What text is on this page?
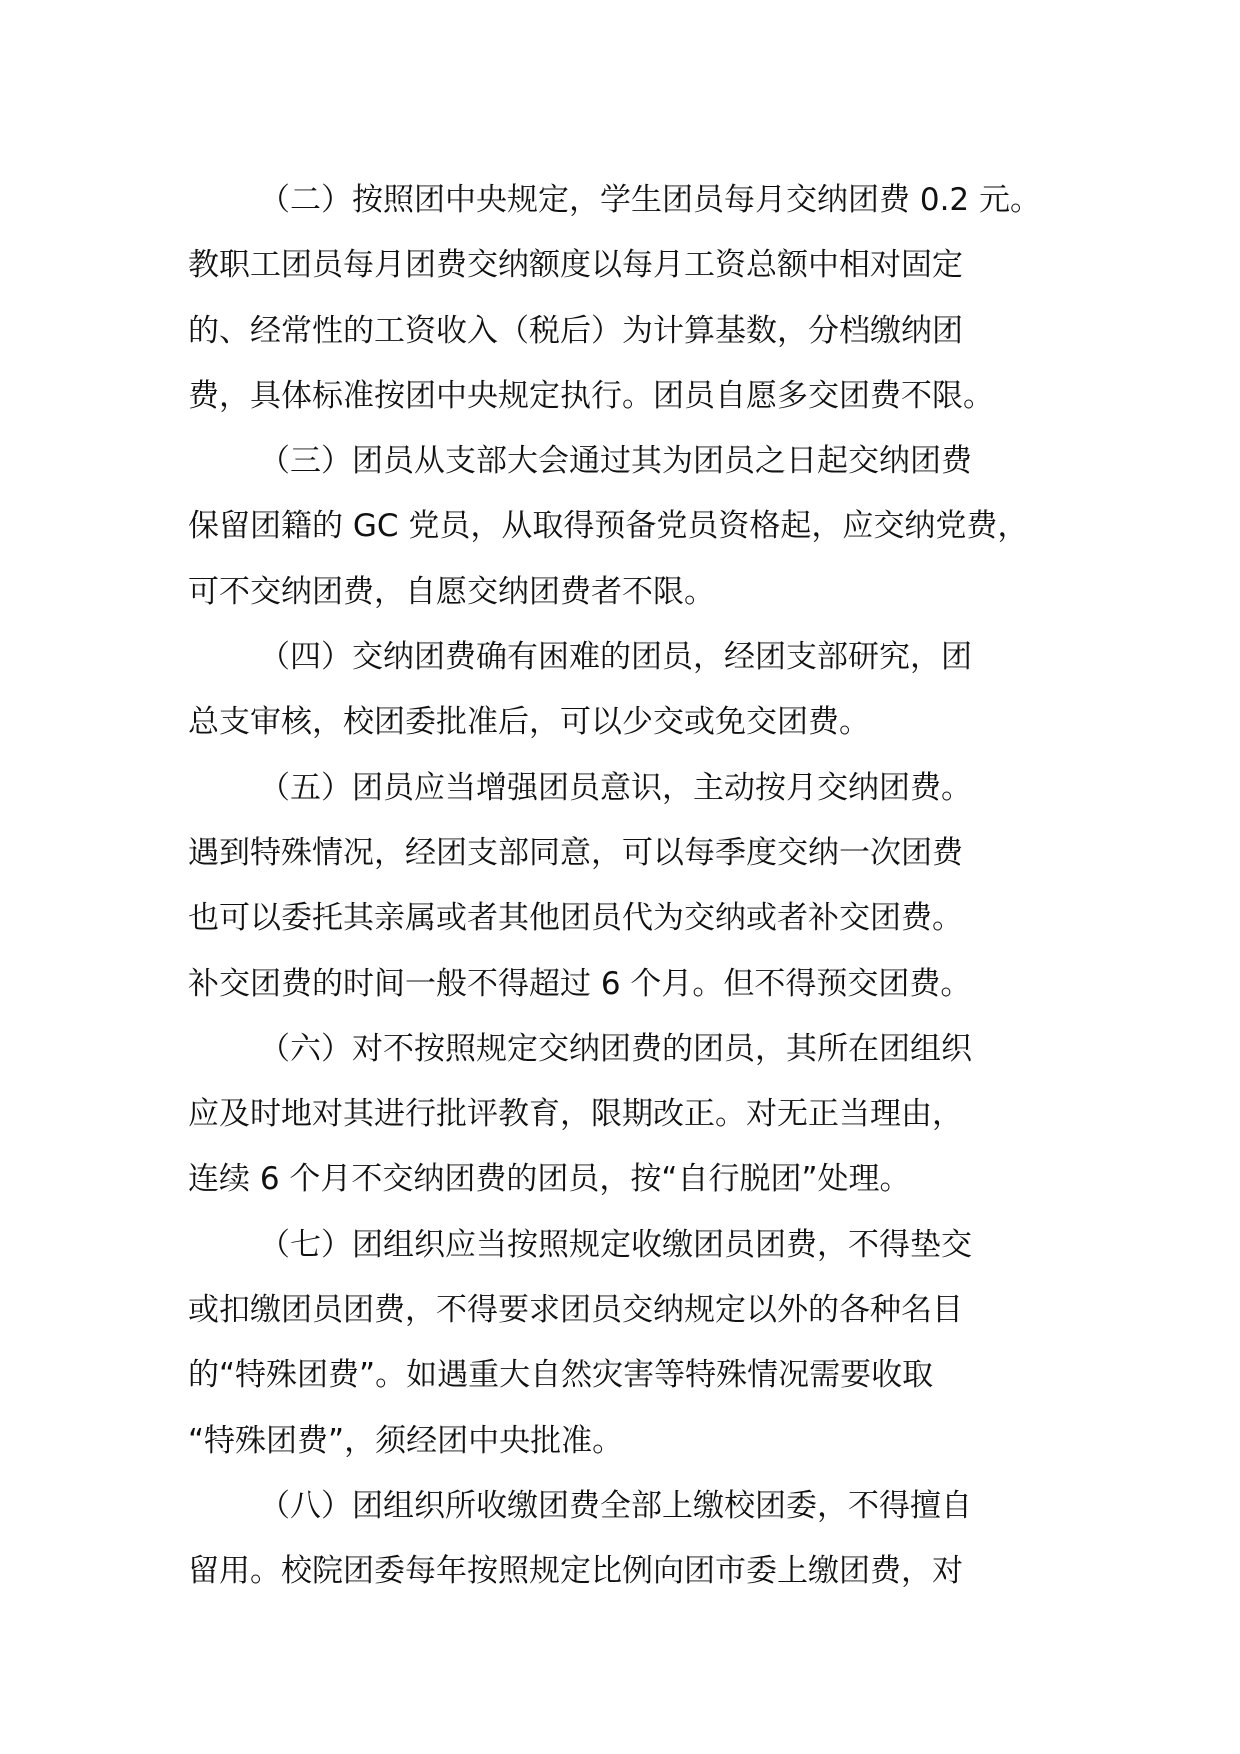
（二）按照团中央规定，学生团员每月交纳团费 0.2 元。
教职工团员每月团费交纳额度以每月工资总额中相对固定
的、经常性的工资收入（税后）为计算基数，分档缴纳团
费，具体标准按团中央规定执行。团员自愿多交团费不限。
（三）团员从支部大会通过其为团员之日起交纳团费
保留团籍的 GC 党员，从取得预备党员资格起，应交纳党费，
可不交纳团费，自愿交纳团费者不限。
（四）交纳团费确有困难的团员，经团支部研究，团
总支审核，校团委批准后，可以少交或免交团费。
（五）团员应当增强团员意识，主动按月交纳团费。
遇到特殊情况，经团支部同意，可以每季度交纳一次团费
也可以委托其亲属或者其他团员代为交纳或者补交团费。
补交团费的时间一般不得超过 6 个月。但不得预交团费。
（六）对不按照规定交纳团费的团员，其所在团组织
应及时地对其进行批评教育，限期改正。对无正当理由，
连续 6 个月不交纳团费的团员，按“自行脱团”处理。
（七）团组织应当按照规定收缴团员团费，不得垫交
或扣缴团员团费，不得要求团员交纳规定以外的各种名目
的“特殊团费”。如遇重大自然灾害等特殊情况需要收取
“特殊团费”，须经团中央批准。
（八）团组织所收缴团费全部上缴校团委，不得擅自
留用。校院团委每年按照规定比例向团市委上缴团费，对
